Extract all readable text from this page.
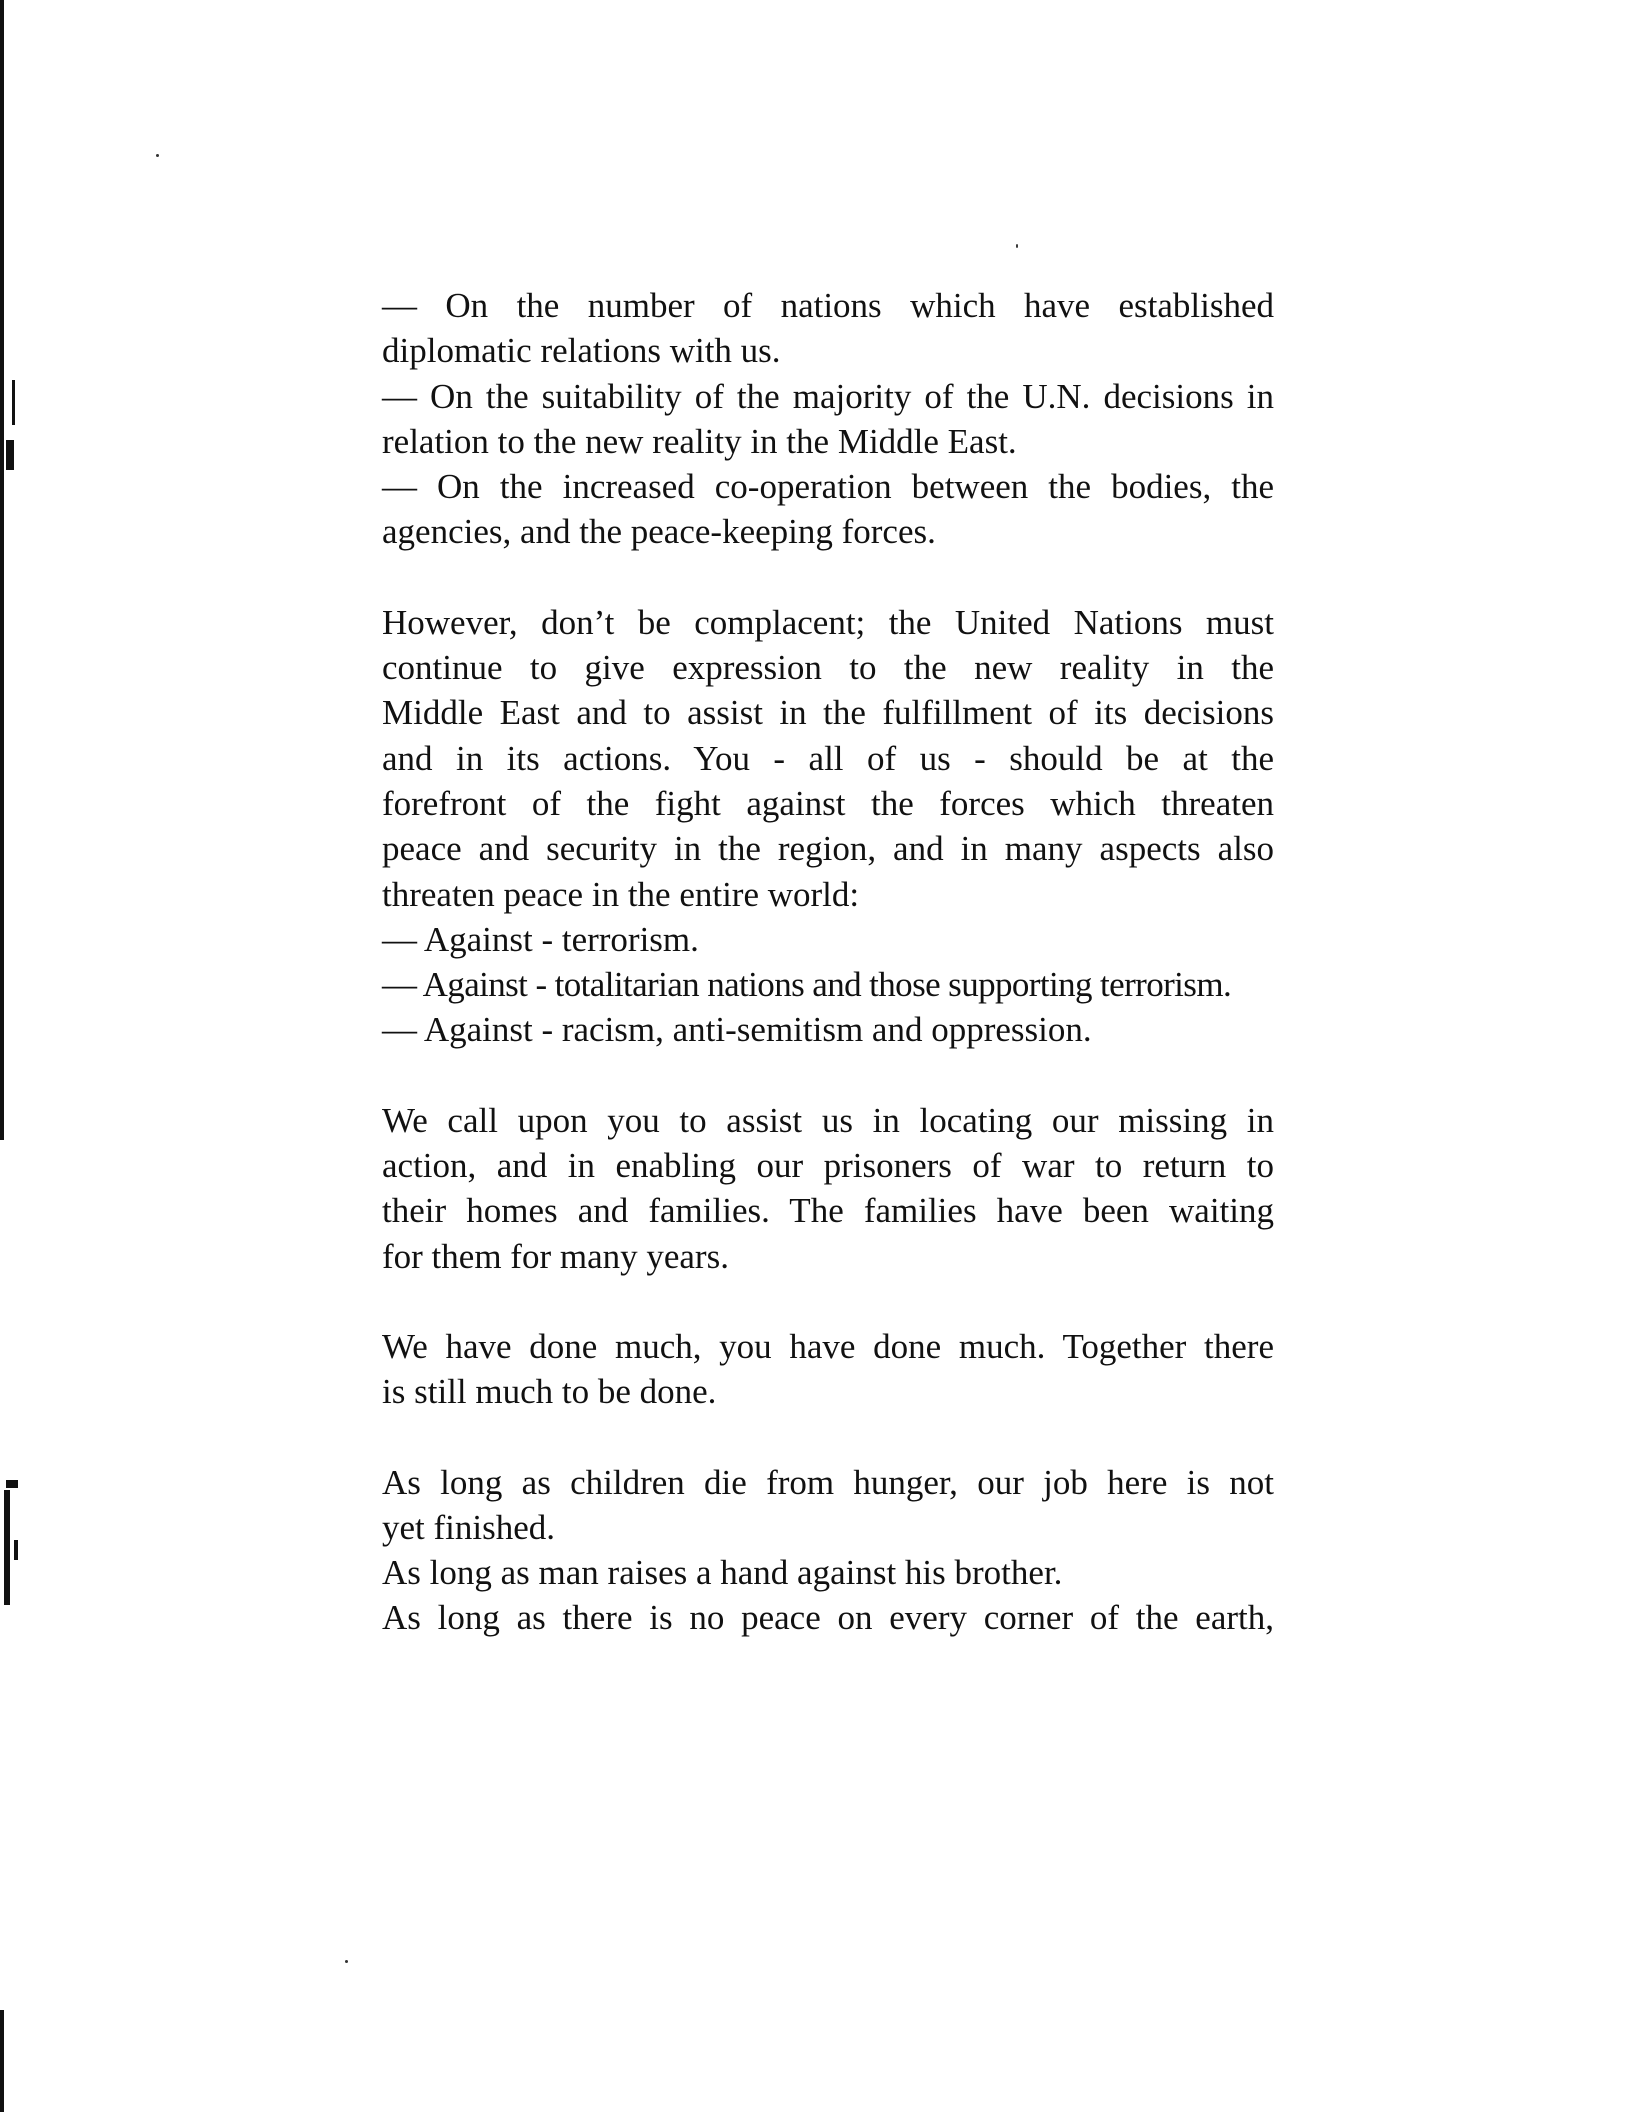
— On the number of nations which have established
diplomatic relations with us.
— On the suitability of the majority of the U.N. decisions in
relation to the new reality in the Middle East.
— On the increased co-operation between the bodies, the
agencies, and the peace-keeping forces.
However, don’t be complacent; the United Nations must
continue to give expression to the new reality in the
Middle East and to assist in the fulfillment of its decisions
and in its actions. You - all of us - should be at the
forefront of the fight against the forces which threaten
peace and security in the region, and in many aspects also
threaten peace in the entire world:
— Against - terrorism.
— Against - totalitarian nations and those supporting terrorism.
— Against - racism, anti-semitism and oppression.
We call upon you to assist us in locating our missing in
action, and in enabling our prisoners of war to return to
their homes and families. The families have been waiting
for them for many years.
We have done much, you have done much. Together there
is still much to be done.
As long as children die from hunger, our job here is not
yet finished.
As long as man raises a hand against his brother.
As long as there is no peace on every corner of the earth,
